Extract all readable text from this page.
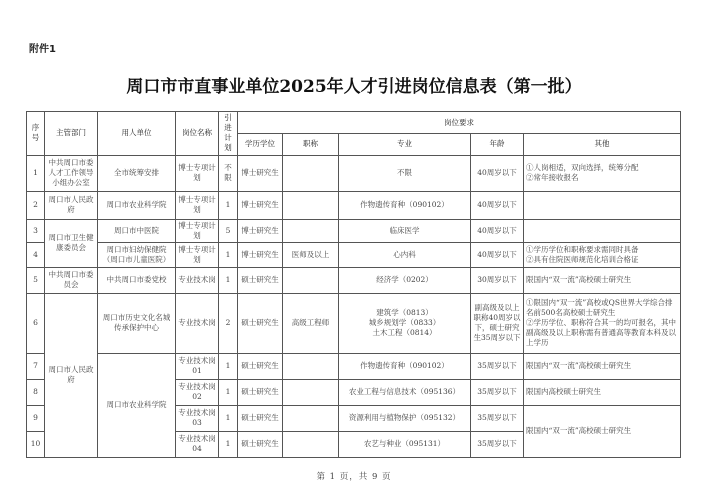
附件1
周口市市直事业单位2025年人才引进岗位信息表（第一批）
序号	主管部门	用人单位	岗位名称	引进计划	岗位要求				
					学历学位	职称	专业	年龄	其他
1	中共周口市委人才工作领导小组办公室	全市统筹安排	博士专项计划	不限	博士研究生		不限	40周岁以下	①人岗相适，双向选择，统筹分配
②常年接收报名

2	周口市人民政府	周口市农业科学院	博士专项计划	1	博士研究生		作物遗传育种（090102）	40周岁以下	
3	周口市卫生健康委员会	周口市中医院	博士专项计划	5	博士研究生		临床医学	40周岁以下	
4		周口市妇幼保健院（周口市儿童医院）	博士专项计划	1	博士研究生	医师及以上	心内科	40周岁以下	①学历学位和职称要求需同时具备
②具有住院医师规范化培训合格证

5	中共周口市委员会	中共周口市委党校	专业技术岗	1	硕士研究生		经济学（0202）	30周岁以下	限国内“双一流”高校硕士研究生

6	周口市人民政府	周口市历史文化名城传承保护中心	专业技术岗	2	硕士研究生	高级工程师	建筑学（0813）
城乡规划学（0833）
土木工程（0814）	副高级及以上职称40周岁以下，硕士研究生35周岁以下	①限国内“双一流”高校或QS世界大学综合排名前500名高校硕士研究生
②学历学位、职称符合其一的均可报名，其中副高级及以上职称需有普通高等教育本科及以上学历

7		周口市农业科学院	专业技术岗01	1	硕士研究生		作物遗传育种（090102）	35周岁以下	限国内“双一流”高校硕士研究生

8			专业技术岗02	1	硕士研究生		农业工程与信息技术（095136）	35周岁以下	限国内高校硕士研究生

9			专业技术岗03	1	硕士研究生		资源利用与植物保护（095132）	35周岁以下	限国内“双一流”高校硕士研究生

10			专业技术岗04	1	硕士研究生		农艺与种业（095131）	35周岁以下	
第 1 页，共 9 页
